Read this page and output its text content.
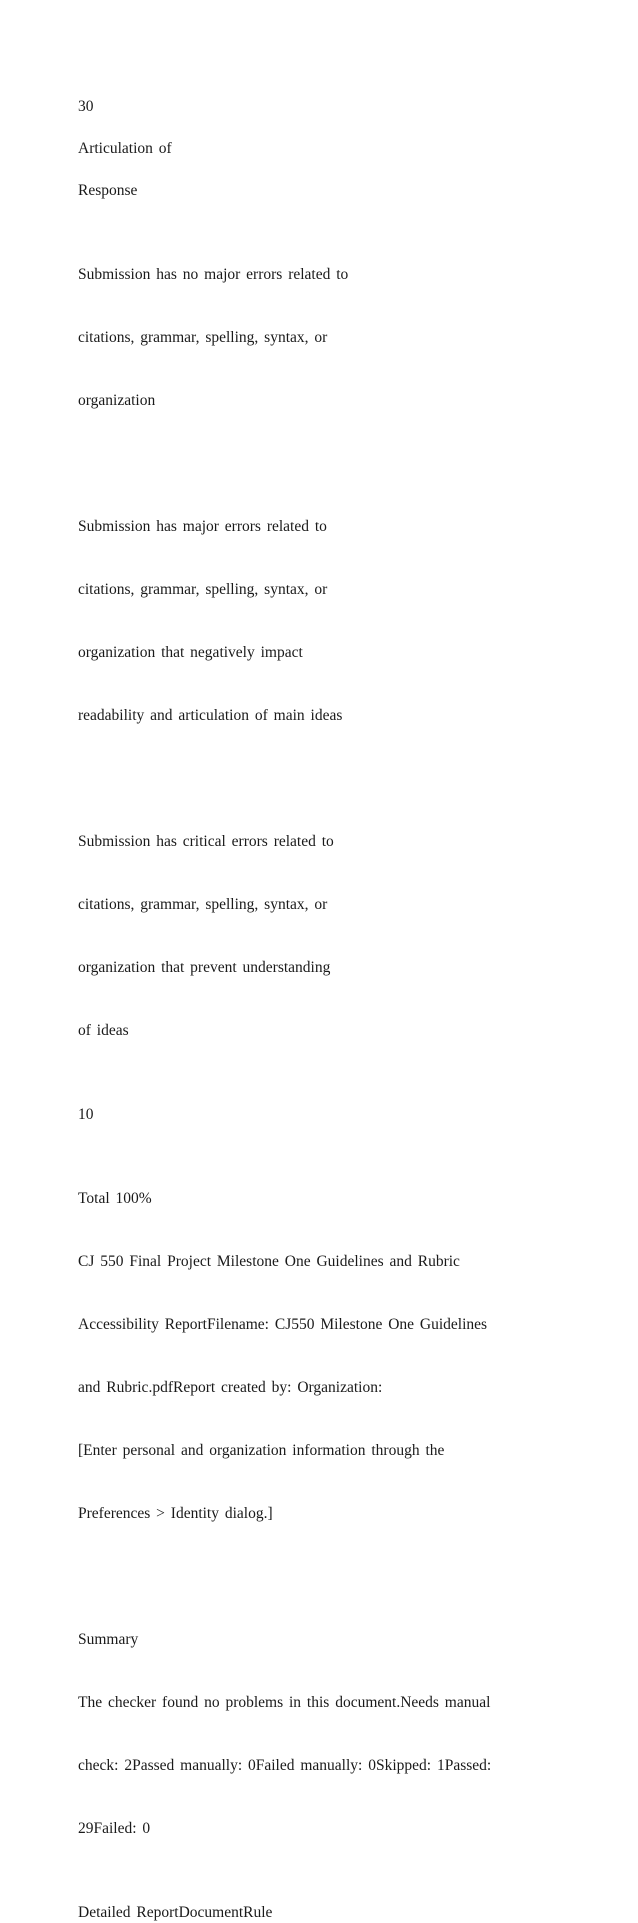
30

Articulation of

Response

Submission has no major errors related to

citations, grammar, spelling, syntax, or

organization

Submission has major errors related to

citations, grammar, spelling, syntax, or

organization that negatively impact

readability and articulation of main ideas

Submission has critical errors related to

citations, grammar, spelling, syntax, or

organization that prevent understanding

of ideas

10

Total 100%

CJ 550 Final Project Milestone One Guidelines and Rubric

Accessibility ReportFilename: CJ550 Milestone One Guidelines

and Rubric.pdfReport created by: Organization:

[Enter personal and organization information through the

Preferences > Identity dialog.]

Summary

The checker found no problems in this document.Needs manual

check: 2Passed manually: 0Failed manually: 0Skipped: 1Passed:

29Failed: 0

Detailed ReportDocumentRule
